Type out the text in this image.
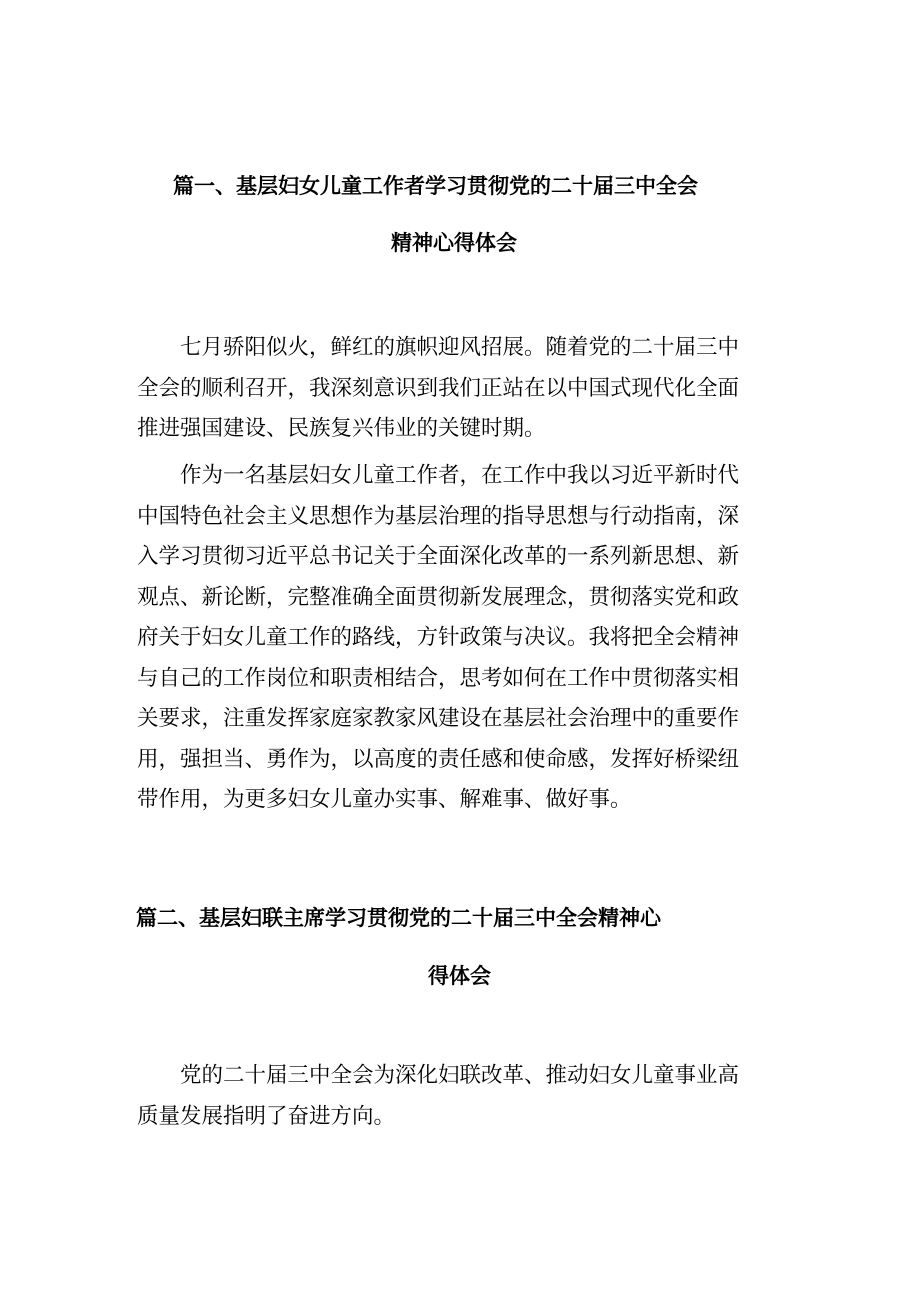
篇一、基层妇女儿童工作者学习贯彻党的二十届三中全会
精神心得体会
七月骄阳似火，鲜红的旗帜迎风招展。随着党的二十届三中
全会的顺利召开，我深刻意识到我们正站在以中国式现代化全面
推进强国建设、民族复兴伟业的关键时期。
作为一名基层妇女儿童工作者，在工作中我以习近平新时代
中国特色社会主义思想作为基层治理的指导思想与行动指南，深
入学习贯彻习近平总书记关于全面深化改革的一系列新思想、新
观点、新论断，完整准确全面贯彻新发展理念，贯彻落实党和政
府关于妇女儿童工作的路线，方针政策与决议。我将把全会精神
与自己的工作岗位和职责相结合，思考如何在工作中贯彻落实相
关要求，注重发挥家庭家教家风建设在基层社会治理中的重要作
用，强担当、勇作为，以高度的责任感和使命感，发挥好桥梁纽
带作用，为更多妇女儿童办实事、解难事、做好事。
篇二、基层妇联主席学习贯彻党的二十届三中全会精神心
得体会
党的二十届三中全会为深化妇联改革、推动妇女儿童事业高
质量发展指明了奋进方向。
